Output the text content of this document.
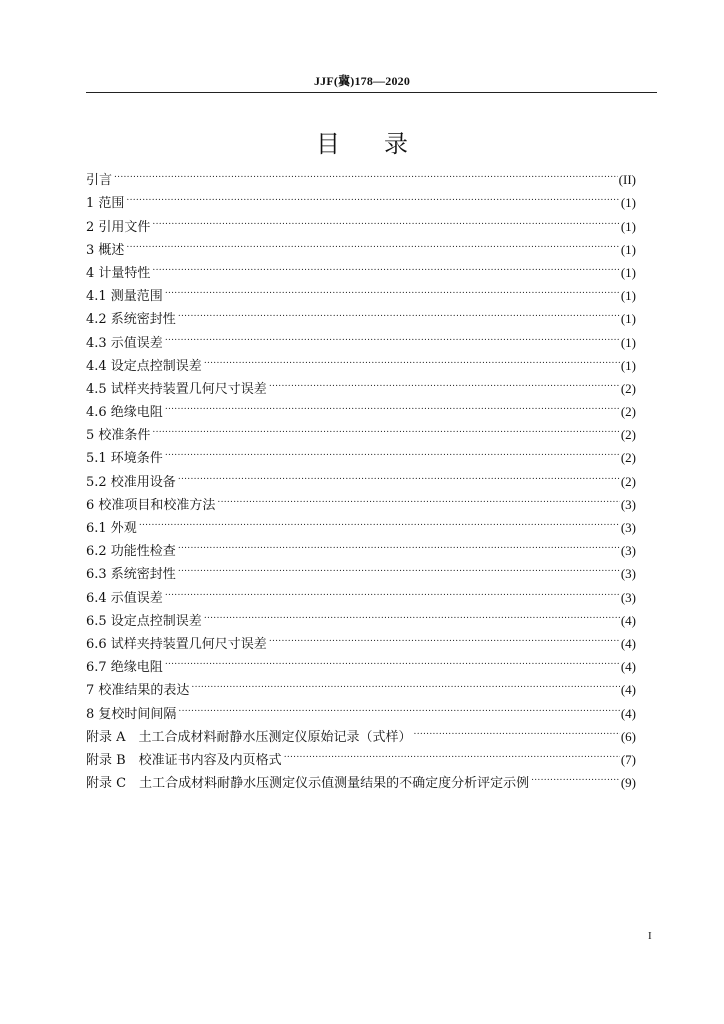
JJF(冀)178—2020
目录
引言 .....	(II)
1 范围 .....	(1)
2 引用文件 .....	(1)
3 概述 .....	(1)
4 计量特性 .....	(1)
4.1 测量范围 .....	(1)
4.2 系统密封性 .....	(1)
4.3 示值误差 .....	(1)
4.4 设定点控制误差 .....	(1)
4.5 试样夹持装置几何尺寸误差 .....	(2)
4.6 绝缘电阻 .....	(2)
5 校准条件 .....	(2)
5.1 环境条件 .....	(2)
5.2 校准用设备 .....	(2)
6 校准项目和校准方法 .....	(3)
6.1 外观 .....	(3)
6.2 功能性检查 .....	(3)
6.3 系统密封性 .....	(3)
6.4 示值误差 .....	(3)
6.5 设定点控制误差 .....	(4)
6.6 试样夹持装置几何尺寸误差 .....	(4)
6.7 绝缘电阻 .....	(4)
7 校准结果的表达 .....	(4)
8 复校时间间隔 .....	(4)
附录 A　土工合成材料耐静水压测定仪原始记录（式样） .....	(6)
附录 B　校准证书内容及内页格式 .....	(7)
附录 C　土工合成材料耐静水压测定仪示值测量结果的不确定度分析评定示例 .....	(9)
I
